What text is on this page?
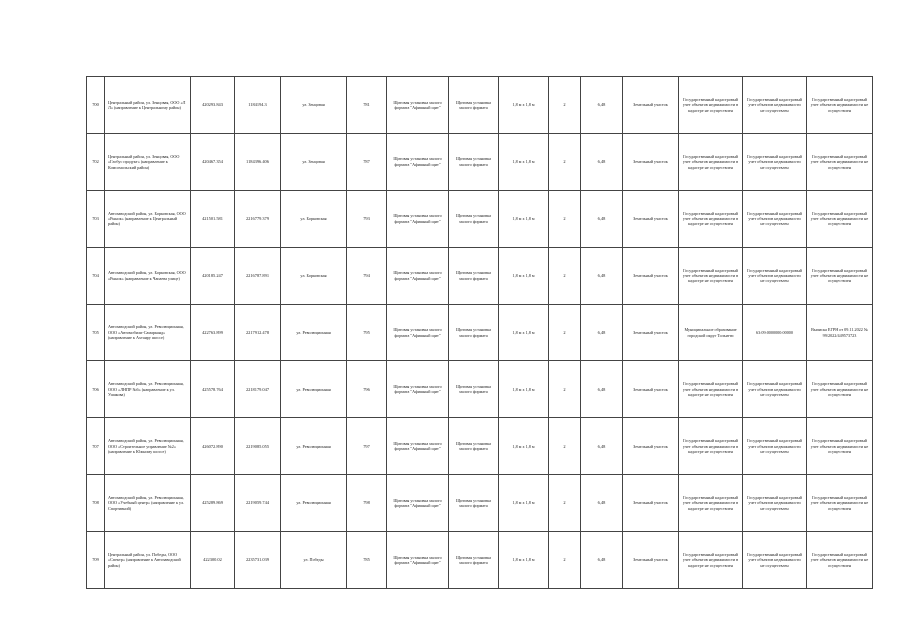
700	Центральный район, ул. Зенцовая, ООО «Л Л» (направление к Центральному район)	420293.843	1184194.3	ул. Зенцовая	781	Щитовая установка малого формата "Афишный щит"	Щитовая установка малого формата	1,8 м х 1,8 м	2	6,48	Земельный участок	Государственный кадастровый учет объектов недвижимости в кадастре не осуществлен	Государственный кадастровый учет объектов недвижимости не осуществлен	Государственный кадастровый учет объектов недвижимости не осуществлен
702	Центральный район, ул. Зенцовая, ООО «Глобус продукт» (направление к Комсомольский район)	420467.354	1184396.406	ул. Зенцовая	787	Щитовая установка малого формата "Афишный щит"	Щитовая установка малого формата	1,8 м х 1,8 м	2	6,48	Земельный участок	Государственный кадастровый учет объектов недвижимости в кадастре не осуществлен	Государственный кадастровый учет объектов недвижимости не осуществлен	Государственный кадастровый учет объектов недвижимости не осуществлен
703	Автозаводский район, ул. Борковская, ООО «Рынок» (направление к Центральный район)	421501.581	2216779.379	ул. Борковская	793	Щитовая установка малого формата "Афишный щит"	Щитовая установка малого формата	1,8 м х 1,8 м	2	6,48	Земельный участок	Государственный кадастровый учет объектов недвижимости в кадастре не осуществлен	Государственный кадастровый учет объектов недвижимости не осуществлен	Государственный кадастровый учет объектов недвижимости не осуществлен
704	Автозаводский район, ул. Борковская, ООО «Рынок» (направление к Чапаева улице)	420185.247	2216787.891	ул. Борковская	794	Щитовая установка малого формата "Афишный щит"	Щитовая установка малого формата	1,8 м х 1,8 м	2	6,48	Земельный участок	Государственный кадастровый учет объектов недвижимости в кадастре не осуществлен	Государственный кадастровый учет объектов недвижимости не осуществлен	Государственный кадастровый учет объектов недвижимости не осуществлен
705	Автозаводский район, ул. Революционная, ООО «Автомобили-Самарканд» (направление к Ахтаяру шоссе)	422763.899	2217912.478	ул. Революционная	795	Щитовая установка малого формата "Афишный щит"	Щитовая установка малого формата	1,8 м х 1,8 м	2	6,48	Земельный участок	Муниципальное образование городской округ Тольятти	63:09:0000000:00000	Выписка ЕГРН от 09.11.2022 № 99/2022/449573723
706	Автозаводский район, ул. Революционная, ООО «ЛНПР №6» (направление к ул. Ушакова)	425578.764	2218179.047	ул. Революционная	796	Щитовая установка малого формата "Афишный щит"	Щитовая установка малого формата	1,8 м х 1,8 м	2	6,48	Земельный участок	Государственный кадастровый учет объектов недвижимости в кадастре не осуществлен	Государственный кадастровый учет объектов недвижимости не осуществлен	Государственный кадастровый учет объектов недвижимости не осуществлен
707	Автозаводский район, ул. Революционная, ООО «Строительное управление №2» (направление к Южному шоссе)	426072.890	2219085.055	ул. Революционная	797	Щитовая установка малого формата "Афишный щит"	Щитовая установка малого формата	1,8 м х 1,8 м	2	6,48	Земельный участок	Государственный кадастровый учет объектов недвижимости в кадастре не осуществлен	Государственный кадастровый учет объектов недвижимости не осуществлен	Государственный кадастровый учет объектов недвижимости не осуществлен
708	Автозаводский район, ул. Революционная, ООО «Учебный центр» (направление к ул. Спортивной)	425289.869	2219059.744	ул. Революционная	798	Щитовая установка малого формата "Афишный щит"	Щитовая установка малого формата	1,8 м х 1,8 м	2	6,48	Земельный участок	Государственный кадастровый учет объектов недвижимости в кадастре не осуществлен	Государственный кадастровый учет объектов недвижимости не осуществлен	Государственный кадастровый учет объектов недвижимости не осуществлен
709	Центральный район, ул. Победы, ООО «Спектр» (направление к Автозаводский район)	422300.02	2235731.039	ул. Победы	785	Щитовая установка малого формата "Афишный щит"	Щитовая установка малого формата	1,8 м х 1,8 м	2	6,48	Земельный участок	Государственный кадастровый учет объектов недвижимости в кадастре не осуществлен	Государственный кадастровый учет объектов недвижимости не осуществлен	Государственный кадастровый учет объектов недвижимости не осуществлен
